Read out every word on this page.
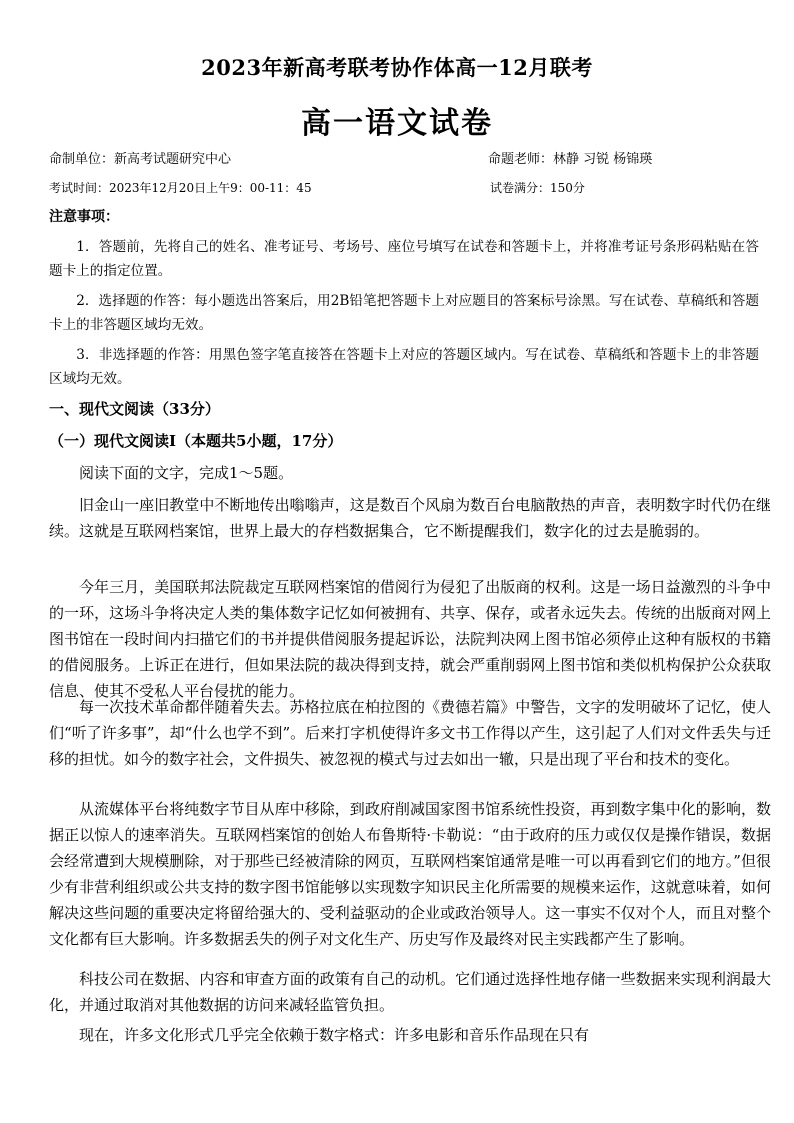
2023年新高考联考协作体高一12月联考
高一语文试卷
命制单位：新高考试题研究中心	命题老师：林静 习锐 杨锦瑛
考试时间：2023年12月20日上午9：00-11：45	试卷满分：150分
注意事项：

1．答题前，先将自己的姓名、准考证号、考场号、座位号填写在试卷和答题卡上，并将准考证号条形码粘贴在答题卡上的指定位置。

2．选择题的作答：每小题选出答案后，用2B铅笔把答题卡上对应题目的答案标号涂黑。写在试卷、草稿纸和答题卡上的非答题区域均无效。

3．非选择题的作答：用黑色签字笔直接答在答题卡上对应的答题区域内。写在试卷、草稿纸和答题卡上的非答题区域均无效。

一、现代文阅读（33分）
（一）现代文阅读Ⅰ（本题共5小题，17分）

阅读下面的文字，完成1～5题。

旧金山一座旧教堂中不断地传出嗡嗡声，这是数百个风扇为数百台电脑散热的声音，表明数字时代仍在继续。这就是互联网档案馆，世界上最大的存档数据集合，它不断提醒我们，数字化的过去是脆弱的。

今年三月，美国联邦法院裁定互联网档案馆的借阅行为侵犯了出版商的权利。这是一场日益激烈的斗争中的一环，这场斗争将决定人类的集体数字记忆如何被拥有、共享、保存，或者永远失去。传统的出版商对网上图书馆在一段时间内扫描它们的书并提供借阅服务提起诉讼，法院判决网上图书馆必须停止这种有版权的书籍的借阅服务。上诉正在进行，但如果法院的裁决得到支持，就会严重削弱网上图书馆和类似机构保护公众获取信息、使其不受私人平台侵扰的能力。

每一次技术革命都伴随着失去。苏格拉底在柏拉图的《费德若篇》中警告，文字的发明破坏了记忆，使人们“听了许多事”，却“什么也学不到”。后来打字机使得许多文书工作得以产生，这引起了人们对文件丢失与迁移的担忧。如今的数字社会，文件损失、被忽视的模式与过去如出一辙，只是出现了平台和技术的变化。

从流媒体平台将纯数字节目从库中移除，到政府削减国家图书馆系统性投资，再到数字集中化的影响，数据正以惊人的速率消失。互联网档案馆的创始人布鲁斯特·卡勒说：“由于政府的压力或仅仅是操作错误，数据会经常遭到大规模删除，对于那些已经被清除的网页，互联网档案馆通常是唯一可以再看到它们的地方。”但很少有非营利组织或公共支持的数字图书馆能够以实现数字知识民主化所需要的规模来运作，这就意味着，如何解决这些问题的重要决定将留给强大的、受利益驱动的企业或政治领导人。这一事实不仅对个人，而且对整个文化都有巨大影响。许多数据丢失的例子对文化生产、历史写作及最终对民主实践都产生了影响。

科技公司在数据、内容和审查方面的政策有自己的动机。它们通过选择性地存储一些数据来实现利润最大化，并通过取消对其他数据的访问来减轻监管负担。

现在，许多文化形式几乎完全依赖于数字格式：许多电影和音乐作品现在只有
